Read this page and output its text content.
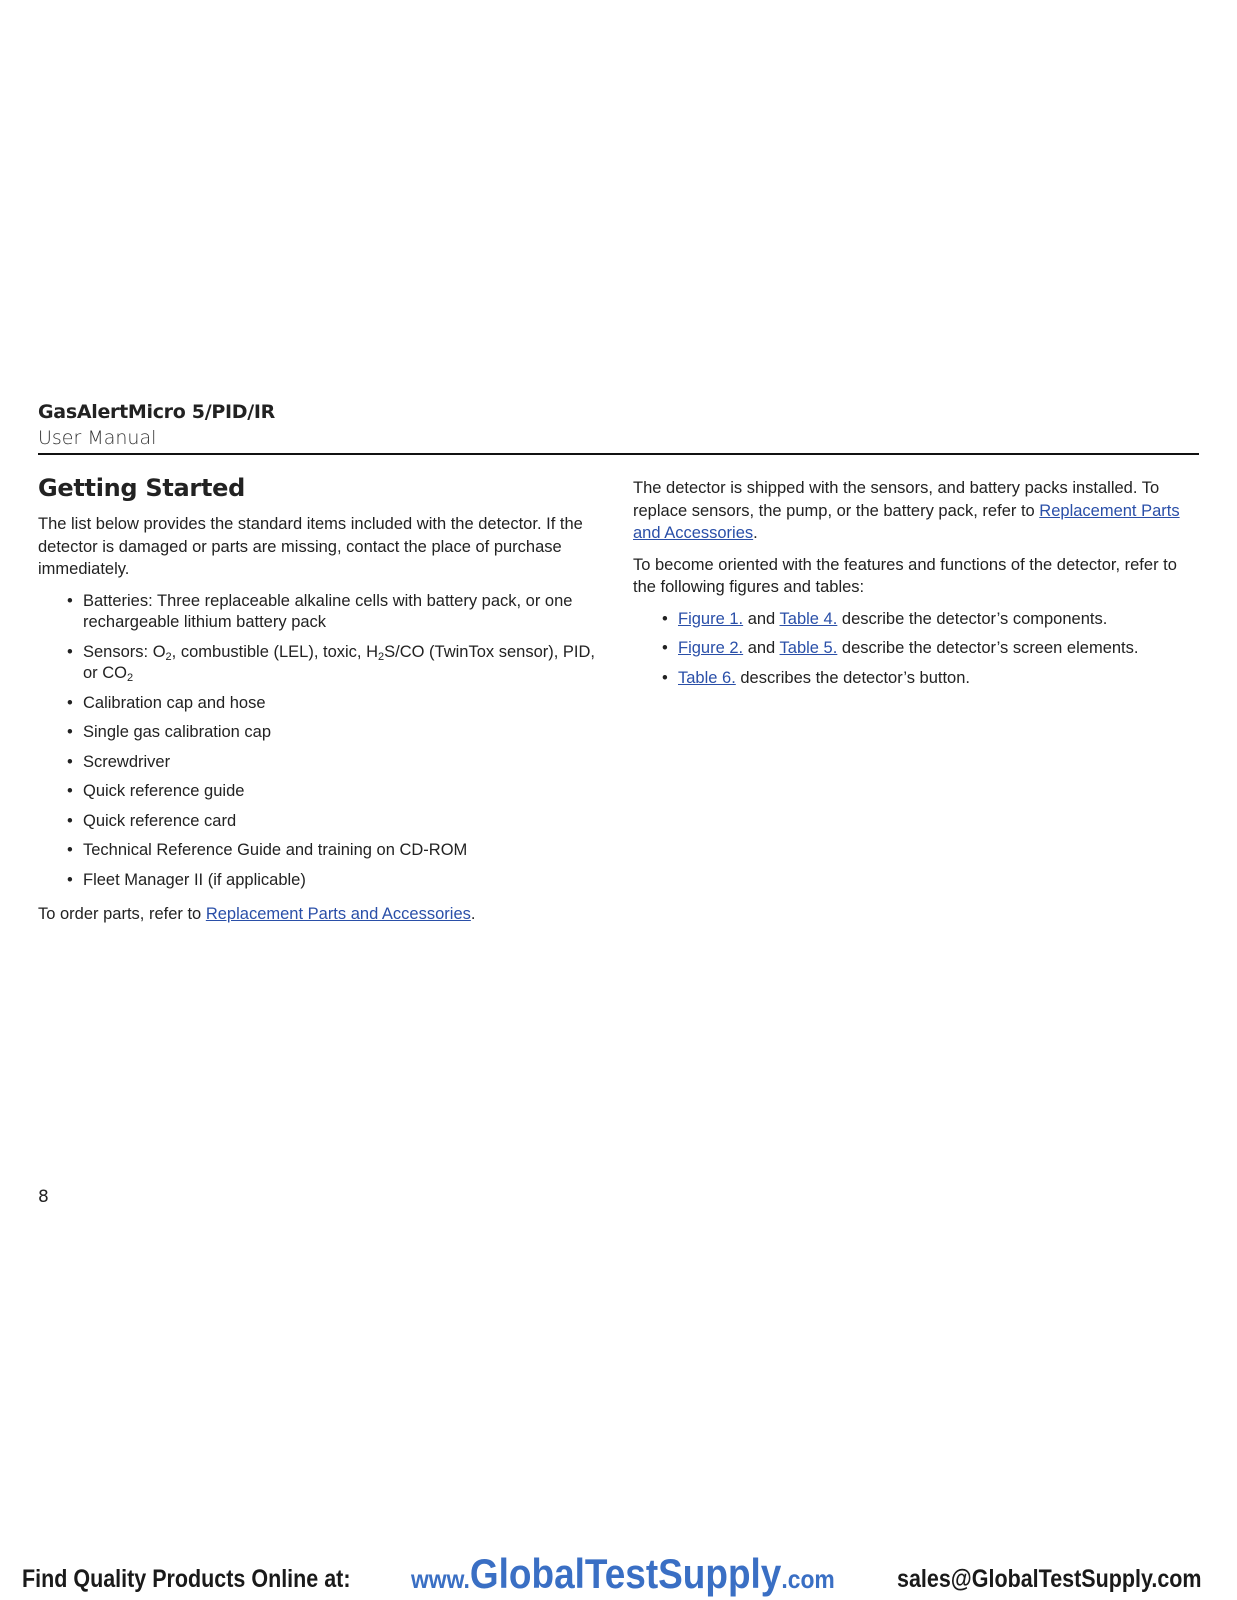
GasAlertMicro 5/PID/IR
User Manual
Getting Started

The list below provides the standard items included with the detector. If the detector is damaged or parts are missing, contact the place of purchase immediately.

• Batteries: Three replaceable alkaline cells with battery pack, or one rechargeable lithium battery pack
• Sensors: $O_2$, combustible (LEL), toxic, $H_2S/CO$ (TwinTox sensor), PID, or $CO_2$
• Calibration cap and hose
• Single gas calibration cap
• Screwdriver
• Quick reference guide
• Quick reference card
• Technical Reference Guide and training on CD-ROM
• Fleet Manager II (if applicable)

To order parts, refer to Replacement Parts and Accessories.

The detector is shipped with the sensors, and battery packs installed. To replace sensors, the pump, or the battery pack, refer to Replacement Parts and Accessories.

To become oriented with the features and functions of the detector, refer to the following figures and tables:

• Figure 1. and Table 4. describe the detector’s components.
• Figure 2. and Table 5. describe the detector’s screen elements.
• Table 6. describes the detector’s button.
8
Find Quality Products Online at: www.GlobalTestSupply.com sales@GlobalTestSupply.com
